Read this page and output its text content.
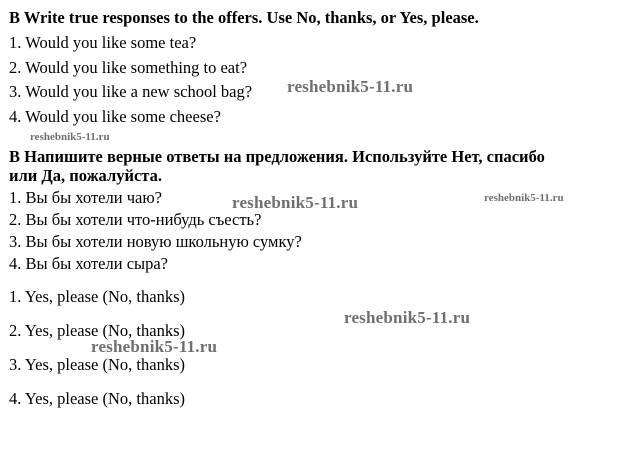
B Write true responses to the offers. Use No, thanks, or Yes, please.
1. Would you like some tea?
2. Would you like something to eat?
3. Would you like a new school bag?
4. Would you like some cheese?
B Напишите верные ответы на предложения. Используйте Нет, спасибо
или Да, пожалуйста.
1. Вы бы хотели чаю?
2. Вы бы хотели что-нибудь съесть?
3. Вы бы хотели новую школьную сумку?
4. Вы бы хотели сыра?
1. Yes, please (No, thanks)
2. Yes, please (No, thanks)
3. Yes, please (No, thanks)
4. Yes, please (No, thanks)
reshebnik5-11.ru
reshebnik5-11.ru
reshebnik5-11.ru	reshebnik5-11.ru
reshebnik5-11.ru
reshebnik5-11.ru
